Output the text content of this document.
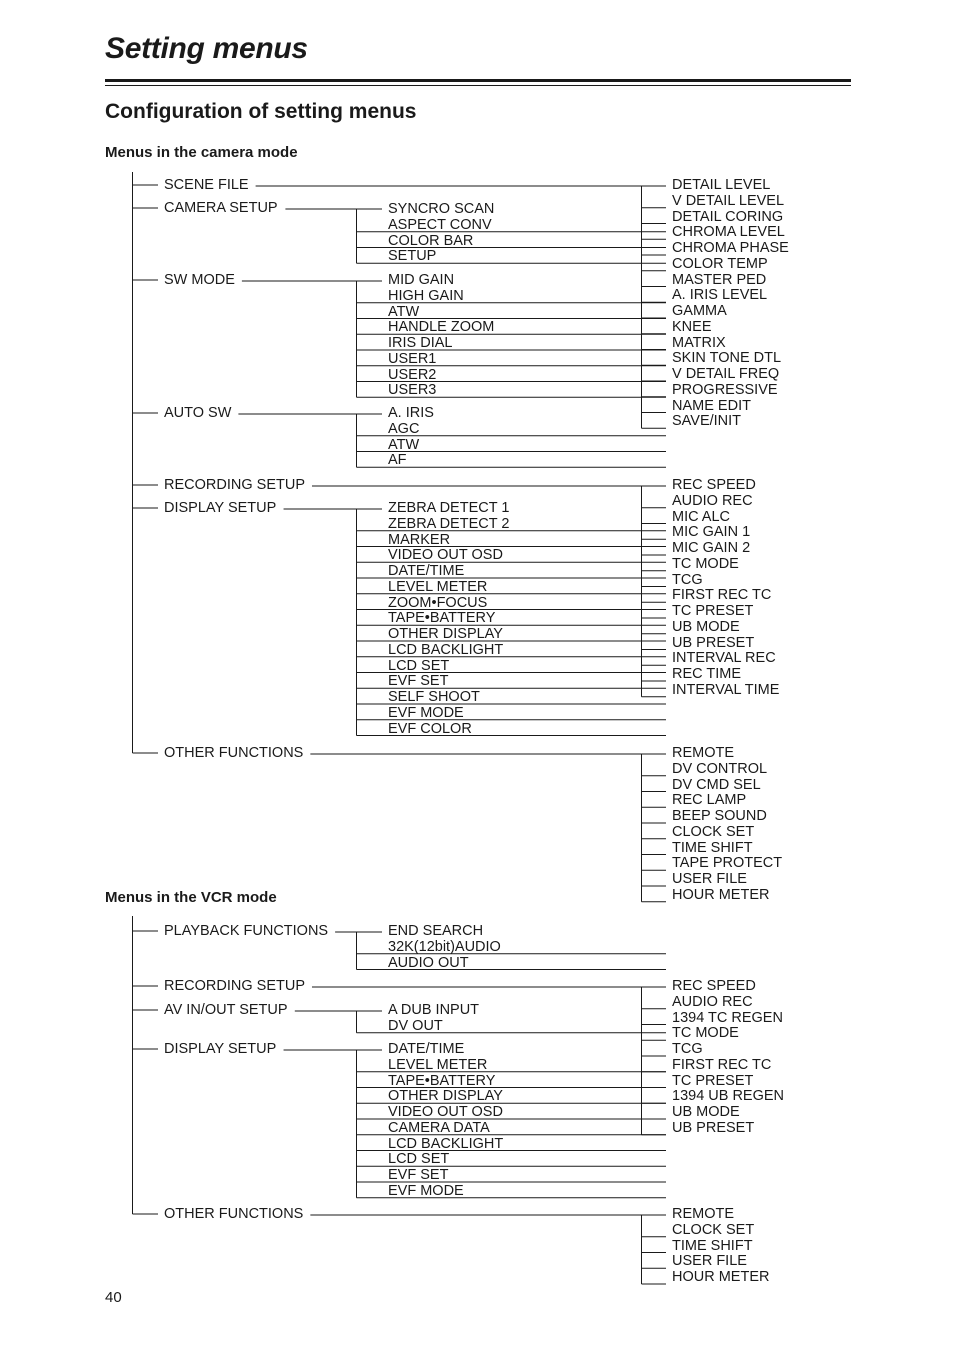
Setting menus
Configuration of setting menus
Menus in the camera mode
SCENE FILE	DETAIL LEVEL
V DETAIL LEVEL
DETAIL CORING
CHROMA LEVEL
CHROMA PHASE
COLOR TEMP
MASTER PED
A. IRIS LEVEL
GAMMA
KNEE
MATRIX
SKIN TONE DTL
V DETAIL FREQ
PROGRESSIVE
NAME EDIT
SAVE/INIT
CAMERA SETUP	SYNCRO SCAN
ASPECT CONV
COLOR BAR
SETUP
SW MODE	MID GAIN
HIGH GAIN
ATW
HANDLE ZOOM
IRIS DIAL
USER1
USER2
USER3
AUTO SW	A. IRIS
AGC
ATW
AF
RECORDING SETUP	REC SPEED
AUDIO REC
MIC ALC
MIC GAIN 1
MIC GAIN 2
TC MODE
TCG
FIRST REC TC
TC PRESET
UB MODE
UB PRESET
INTERVAL REC
REC TIME
INTERVAL TIME
DISPLAY SETUP	ZEBRA DETECT 1
ZEBRA DETECT 2
MARKER
VIDEO OUT OSD
DATE/TIME
LEVEL METER
ZOOM•FOCUS
TAPE•BATTERY
OTHER DISPLAY
LCD BACKLIGHT
LCD SET
EVF SET
SELF SHOOT
EVF MODE
EVF COLOR
OTHER FUNCTIONS	REMOTE
DV CONTROL
DV CMD SEL
REC LAMP
BEEP SOUND
CLOCK SET
TIME SHIFT
TAPE PROTECT
USER FILE
HOUR METER
Menus in the VCR mode
PLAYBACK FUNCTIONS	END SEARCH
32K(12bit)AUDIO
AUDIO OUT
RECORDING SETUP	REC SPEED
AUDIO REC
1394 TC REGEN
TC MODE
TCG
FIRST REC TC
TC PRESET
1394 UB REGEN
UB MODE
UB PRESET
AV IN/OUT SETUP	A DUB INPUT
DV OUT
DISPLAY SETUP	DATE/TIME
LEVEL METER
TAPE•BATTERY
OTHER DISPLAY
VIDEO OUT OSD
CAMERA DATA
LCD BACKLIGHT
LCD SET
EVF SET
EVF MODE
OTHER FUNCTIONS	REMOTE
CLOCK SET
TIME SHIFT
USER FILE
HOUR METER
40
